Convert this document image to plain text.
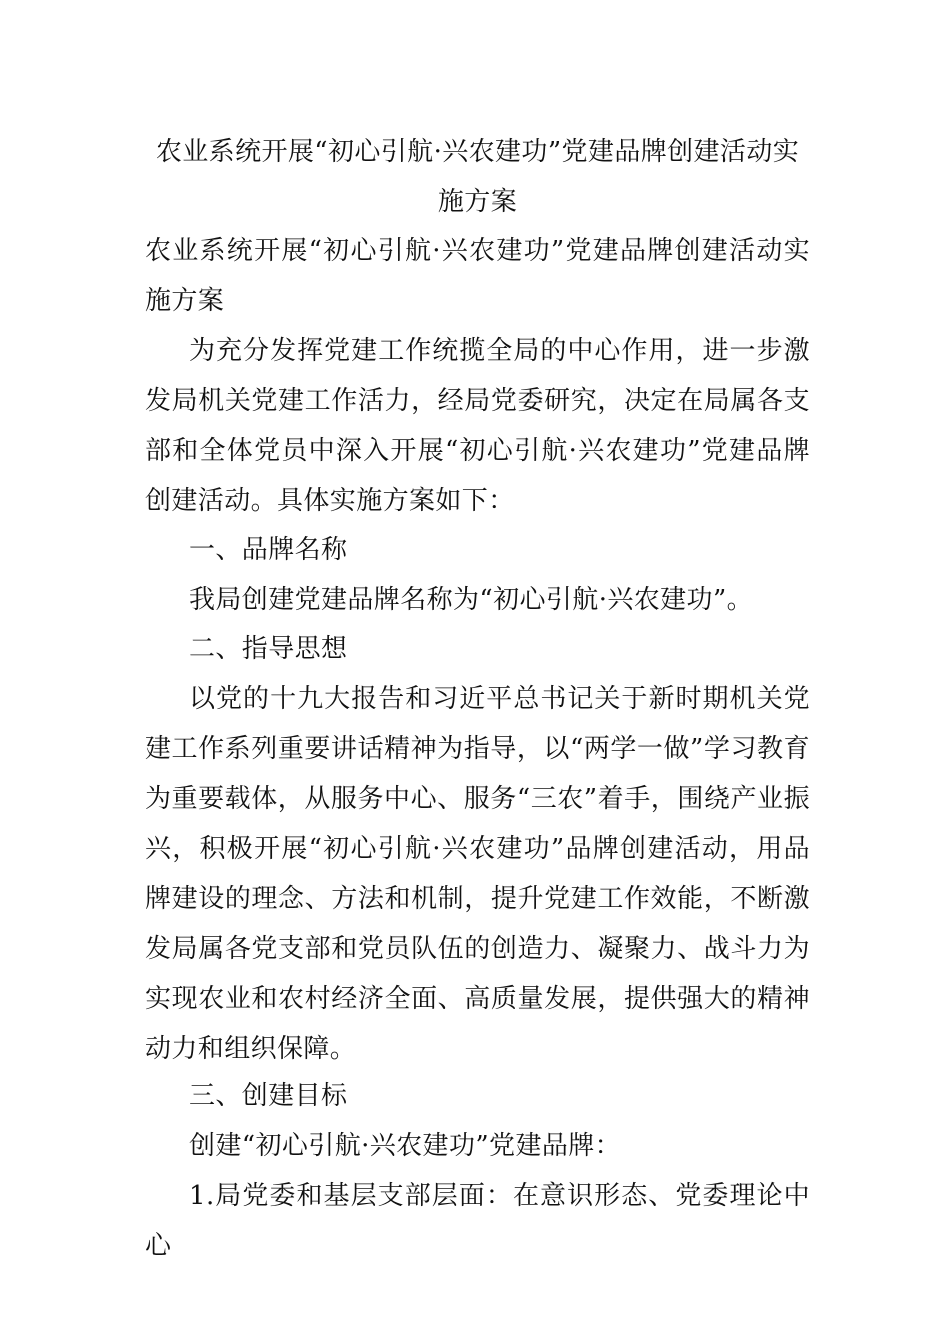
农业系统开展“初心引航·兴农建功”党建品牌创建活动实施方案
农业系统开展“初心引航·兴农建功”党建品牌创建活动实施方案
为充分发挥党建工作统揽全局的中心作用，进一步激发局机关党建工作活力，经局党委研究，决定在局属各支部和全体党员中深入开展“初心引航·兴农建功”党建品牌创建活动。具体实施方案如下：
一、品牌名称
我局创建党建品牌名称为“初心引航·兴农建功”。
二、指导思想
以党的十九大报告和习近平总书记关于新时期机关党建工作系列重要讲话精神为指导，以“两学一做”学习教育为重要载体，从服务中心、服务“三农”着手，围绕产业振兴，积极开展“初心引航·兴农建功”品牌创建活动，用品牌建设的理念、方法和机制，提升党建工作效能，不断激发局属各党支部和党员队伍的创造力、凝聚力、战斗力为实现农业和农村经济全面、高质量发展，提供强大的精神动力和组织保障。
三、创建目标
创建“初心引航·兴农建功”党建品牌：
1.局党委和基层支部层面：在意识形态、党委理论中心
